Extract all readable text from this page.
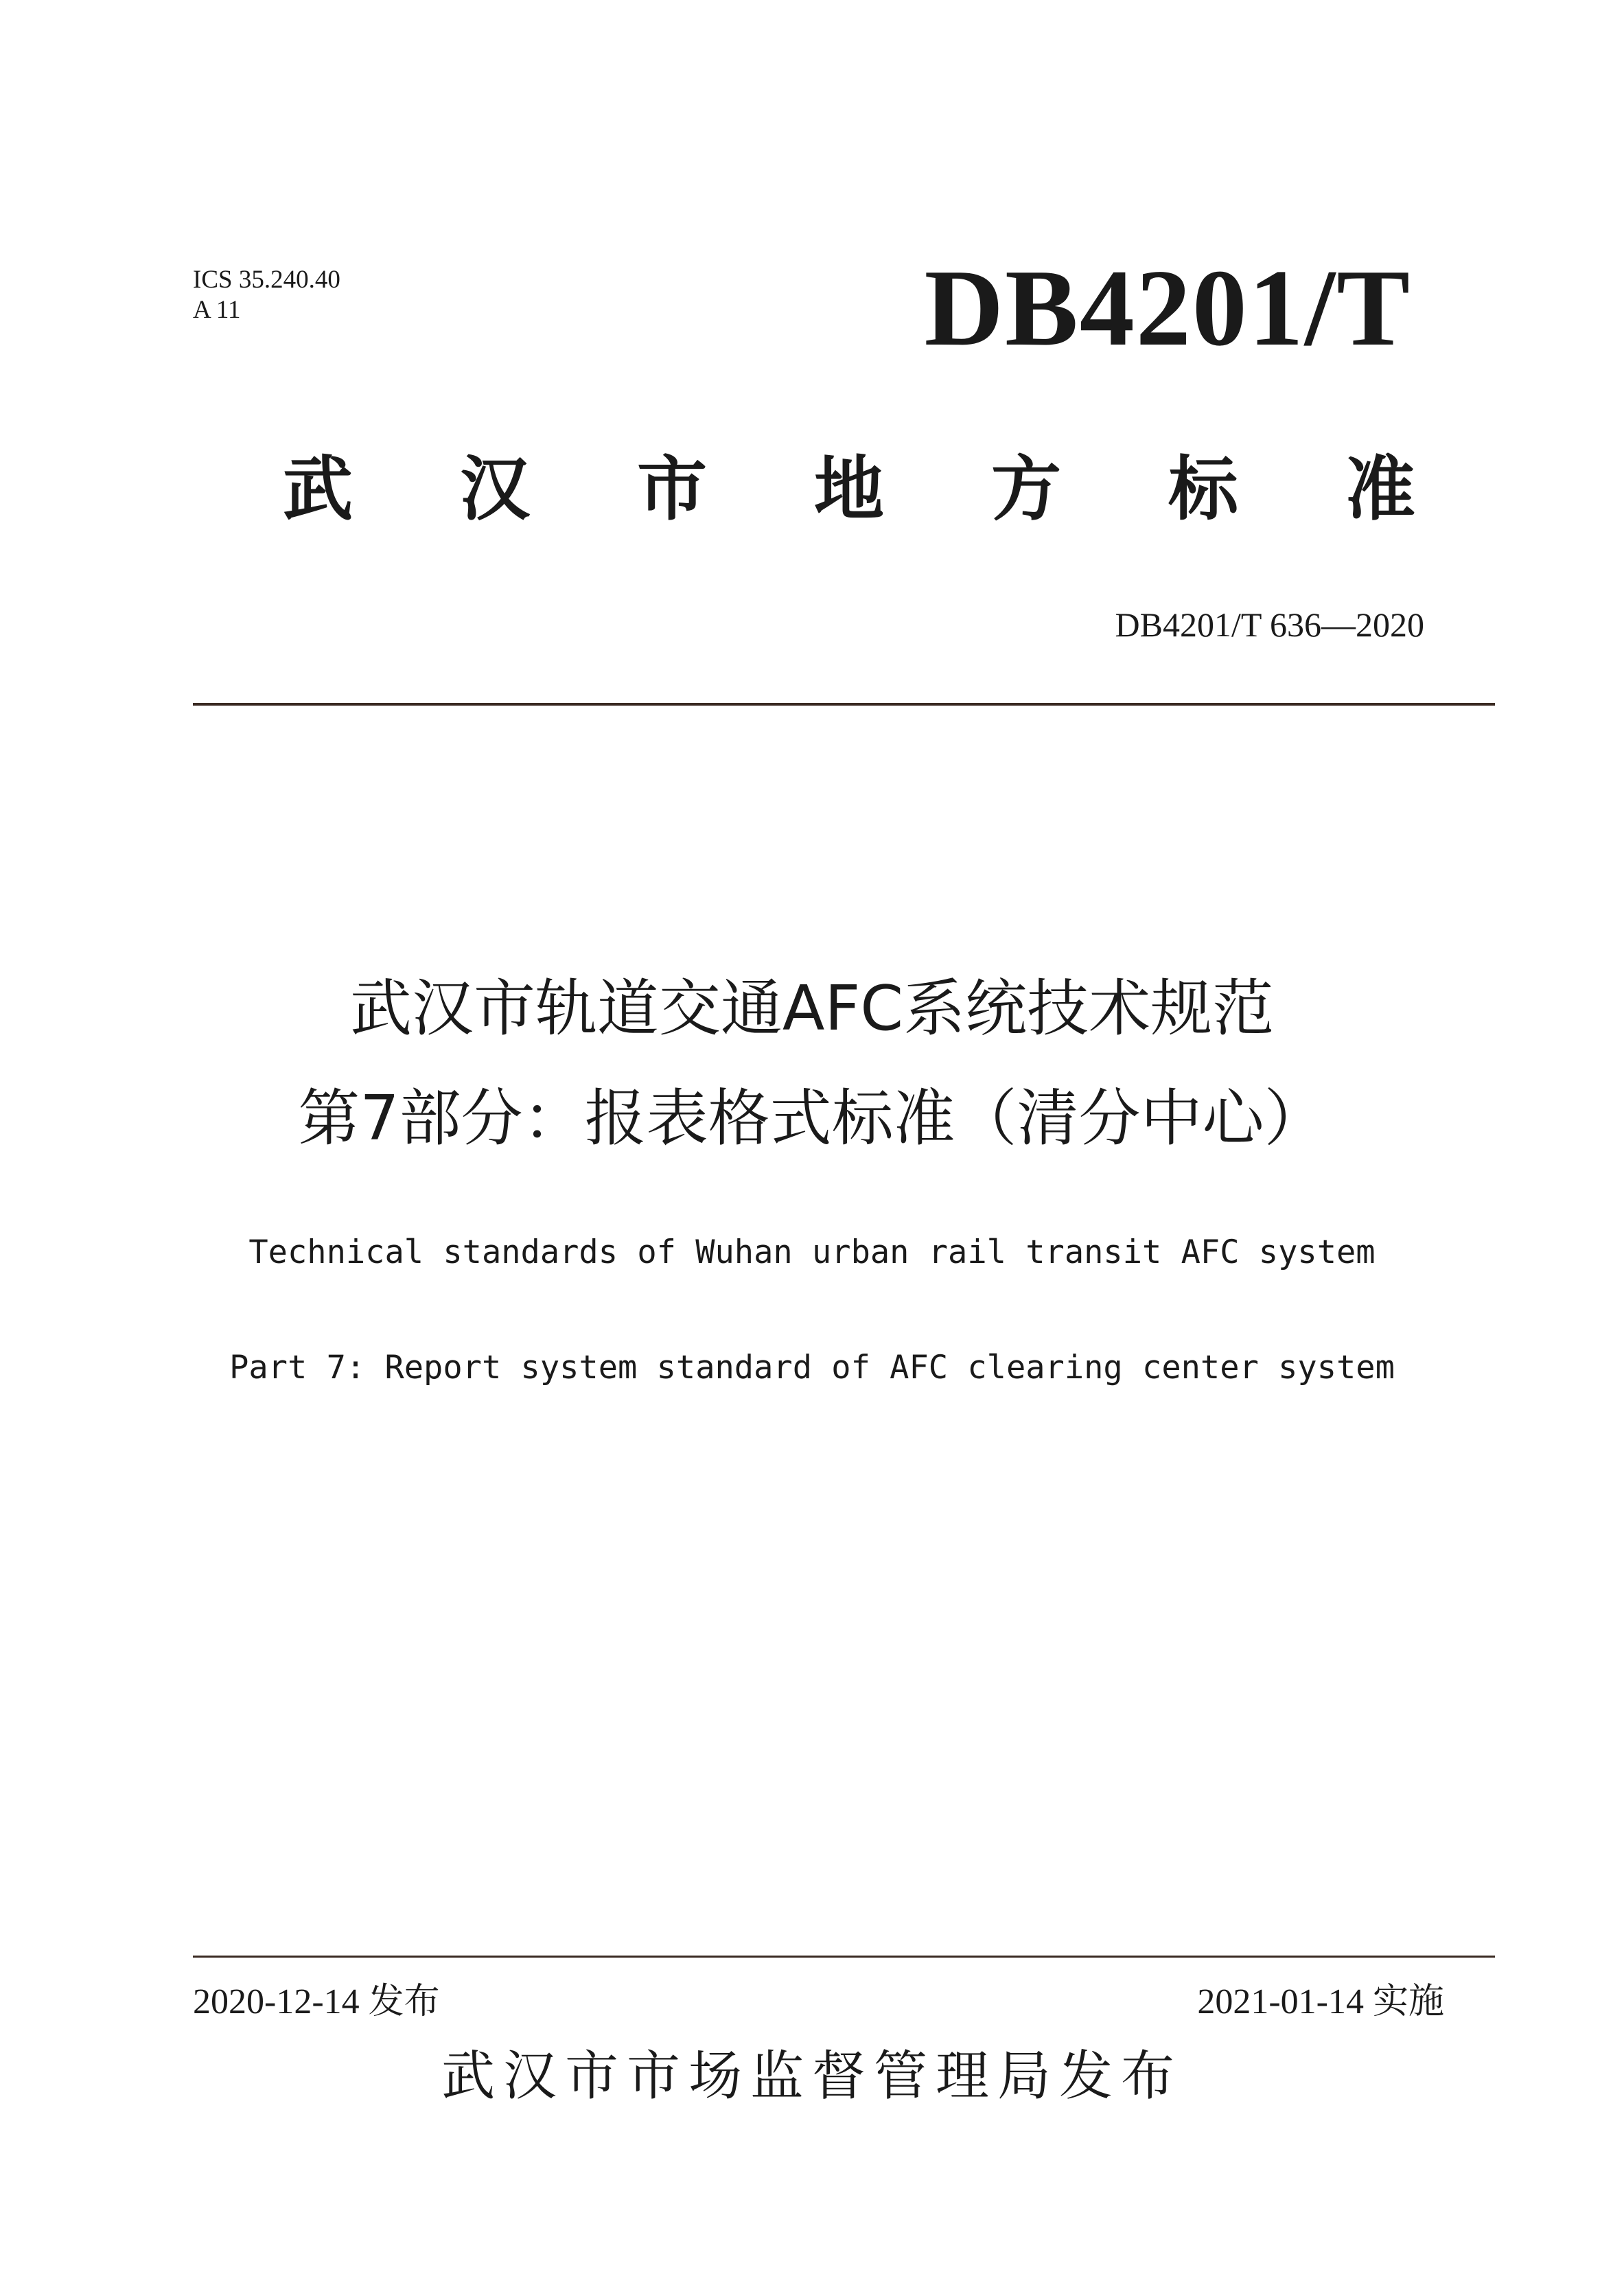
ICS 35.240.40
A 11	DB4201/T
武 汉 市 地 方 标 准
DB4201/T 636—2020
武汉市轨道交通AFC系统技术规范
第7部分：报表格式标准（清分中心）
Technical standards of Wuhan urban rail transit AFC system
Part 7: Report system standard of AFC clearing center system
2020-12-14 发布	2021-01-14 实施
武汉市市场监督管理局发布
